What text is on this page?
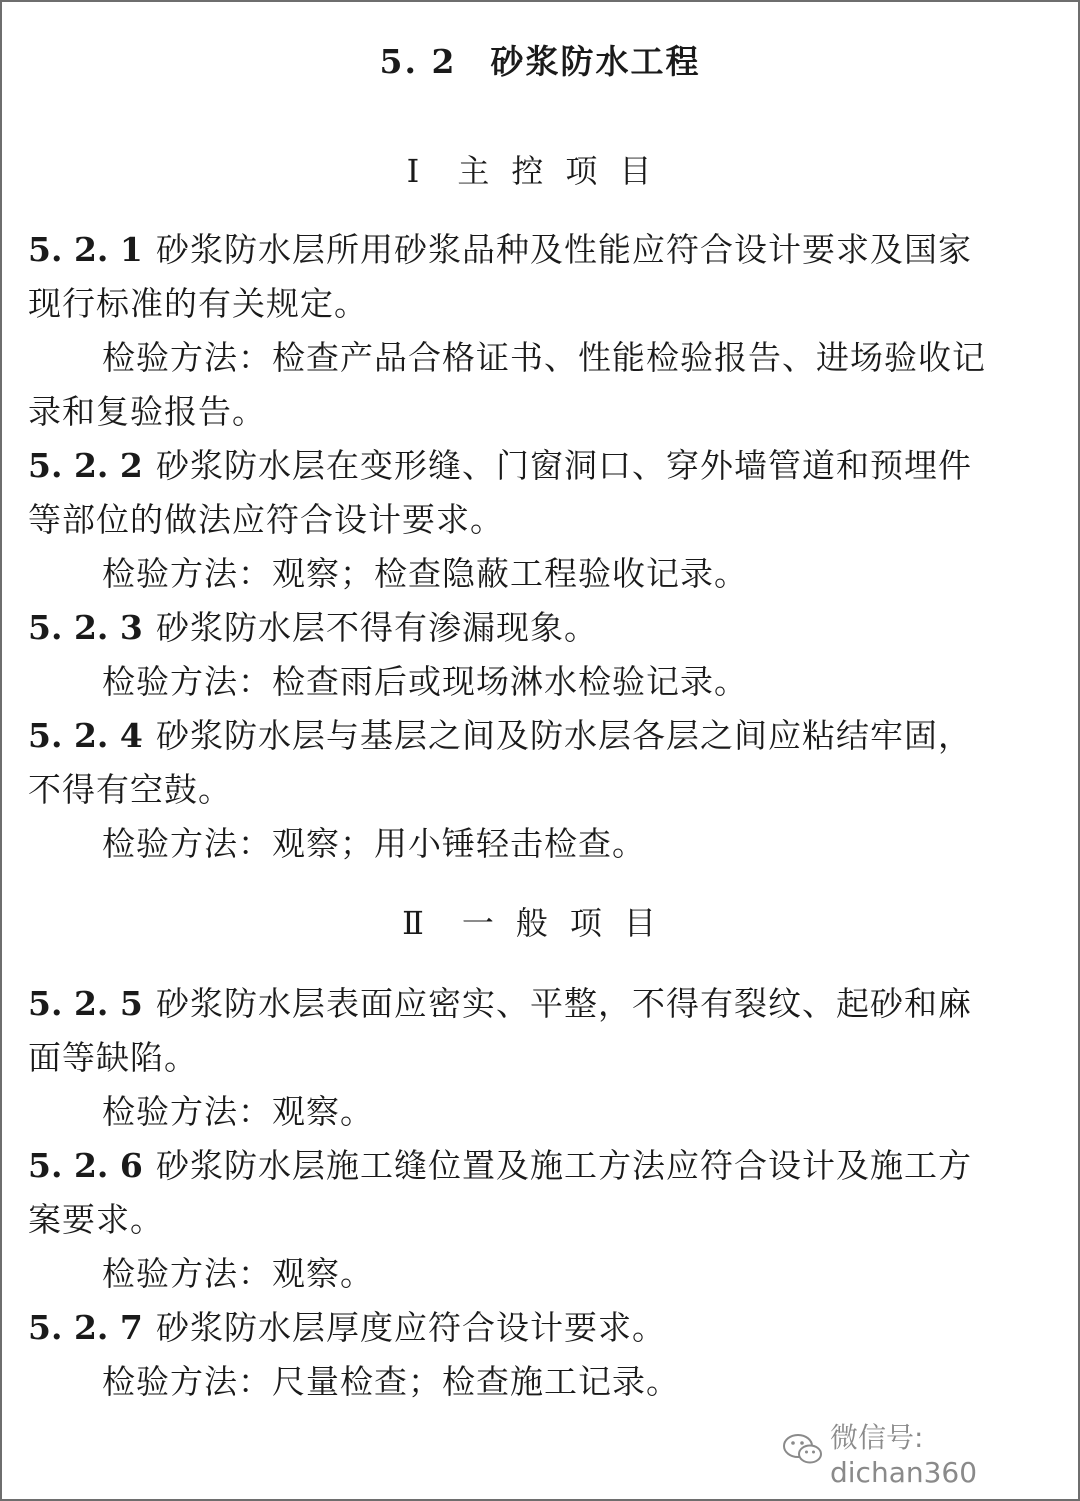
5. 2 砂浆防水工程
Ⅰ 主控项目
5. 2. 1 砂浆防水层所用砂浆品种及性能应符合设计要求及国家
现行标准的有关规定。
检验方法：检查产品合格证书、性能检验报告、进场验收记
录和复验报告。
5. 2. 2 砂浆防水层在变形缝、门窗洞口、穿外墙管道和预埋件
等部位的做法应符合设计要求。
检验方法：观察；检查隐蔽工程验收记录。
5. 2. 3 砂浆防水层不得有渗漏现象。
检验方法：检查雨后或现场淋水检验记录。
5. 2. 4 砂浆防水层与基层之间及防水层各层之间应粘结牢固，
不得有空鼓。
检验方法：观察；用小锤轻击检查。
Ⅱ 一般项目
5. 2. 5 砂浆防水层表面应密实、平整，不得有裂纹、起砂和麻
面等缺陷。
检验方法：观察。
5. 2. 6 砂浆防水层施工缝位置及施工方法应符合设计及施工方
案要求。
检验方法：观察。
5. 2. 7 砂浆防水层厚度应符合设计要求。
检验方法：尺量检查；检查施工记录。
微信号: dichan360
